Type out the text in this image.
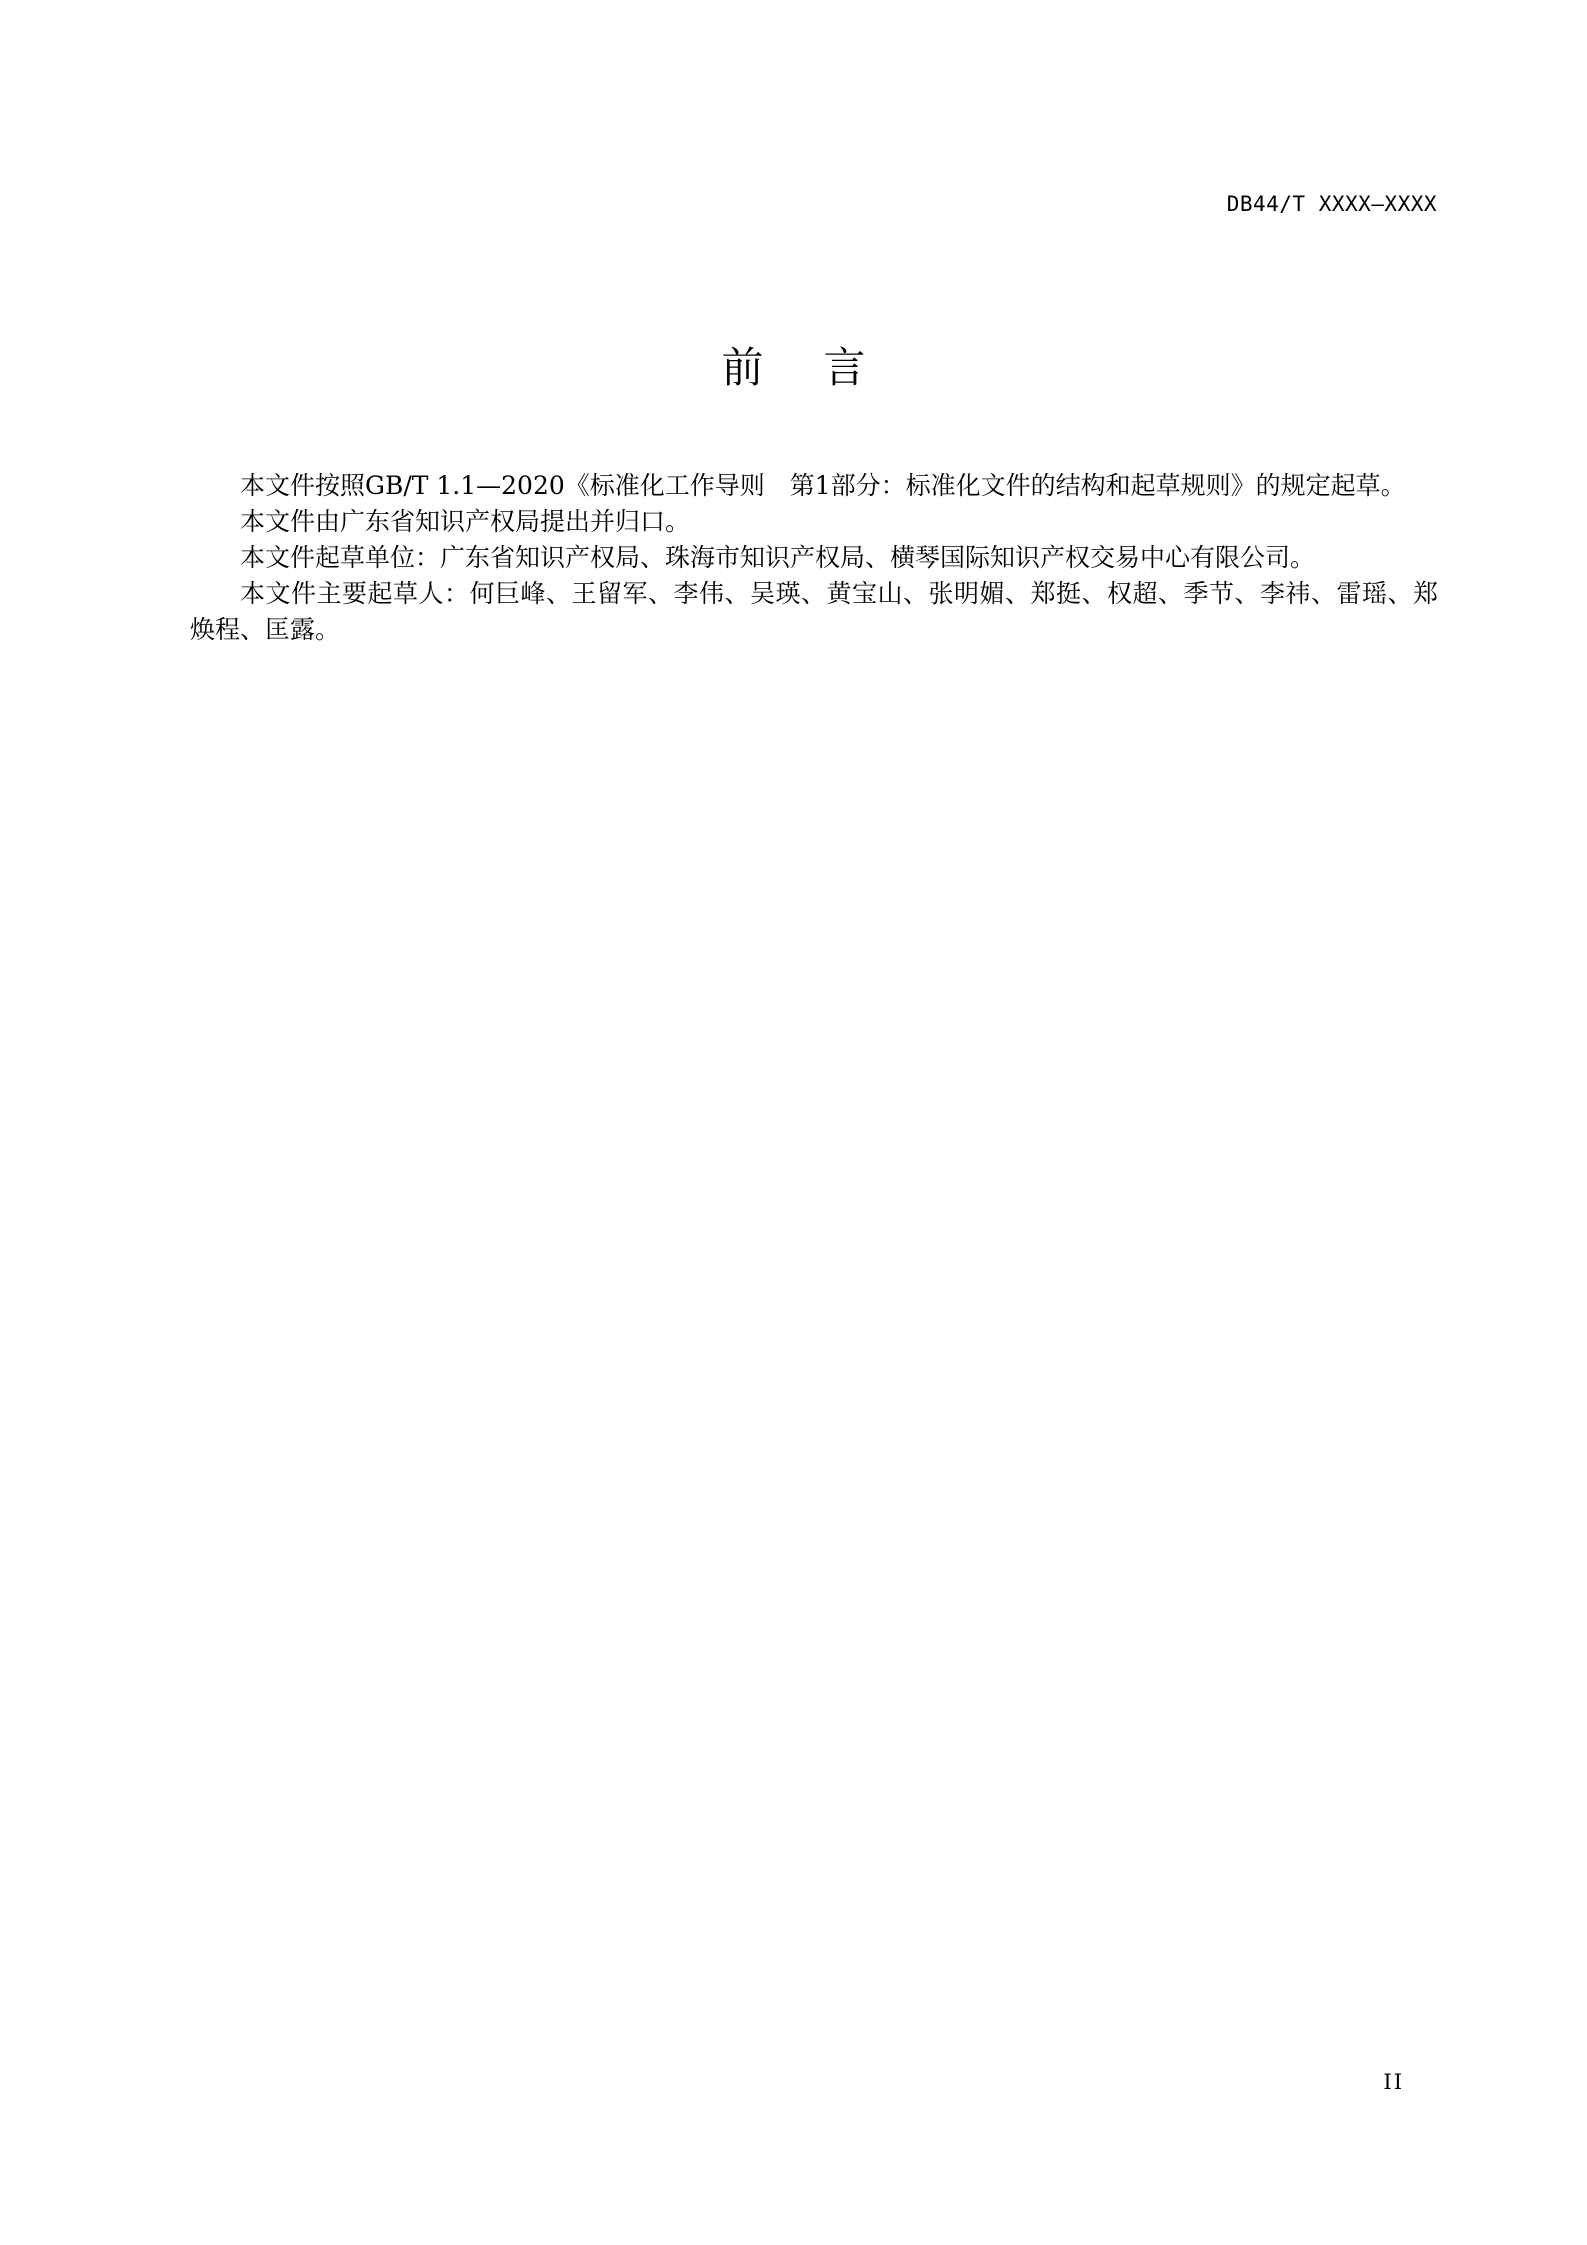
DB44/T XXXX—XXXX
前言

本文件按照GB/T 1.1—2020《标准化工作导则　第1部分：标准化文件的结构和起草规则》的规定起草。

本文件由广东省知识产权局提出并归口。

本文件起草单位：广东省知识产权局、珠海市知识产权局、横琴国际知识产权交易中心有限公司。

本文件主要起草人：何巨峰、王留军、李伟、吴瑛、黄宝山、张明媚、郑挺、权超、季节、李祎、雷瑶、郑焕程、匡露。

II
